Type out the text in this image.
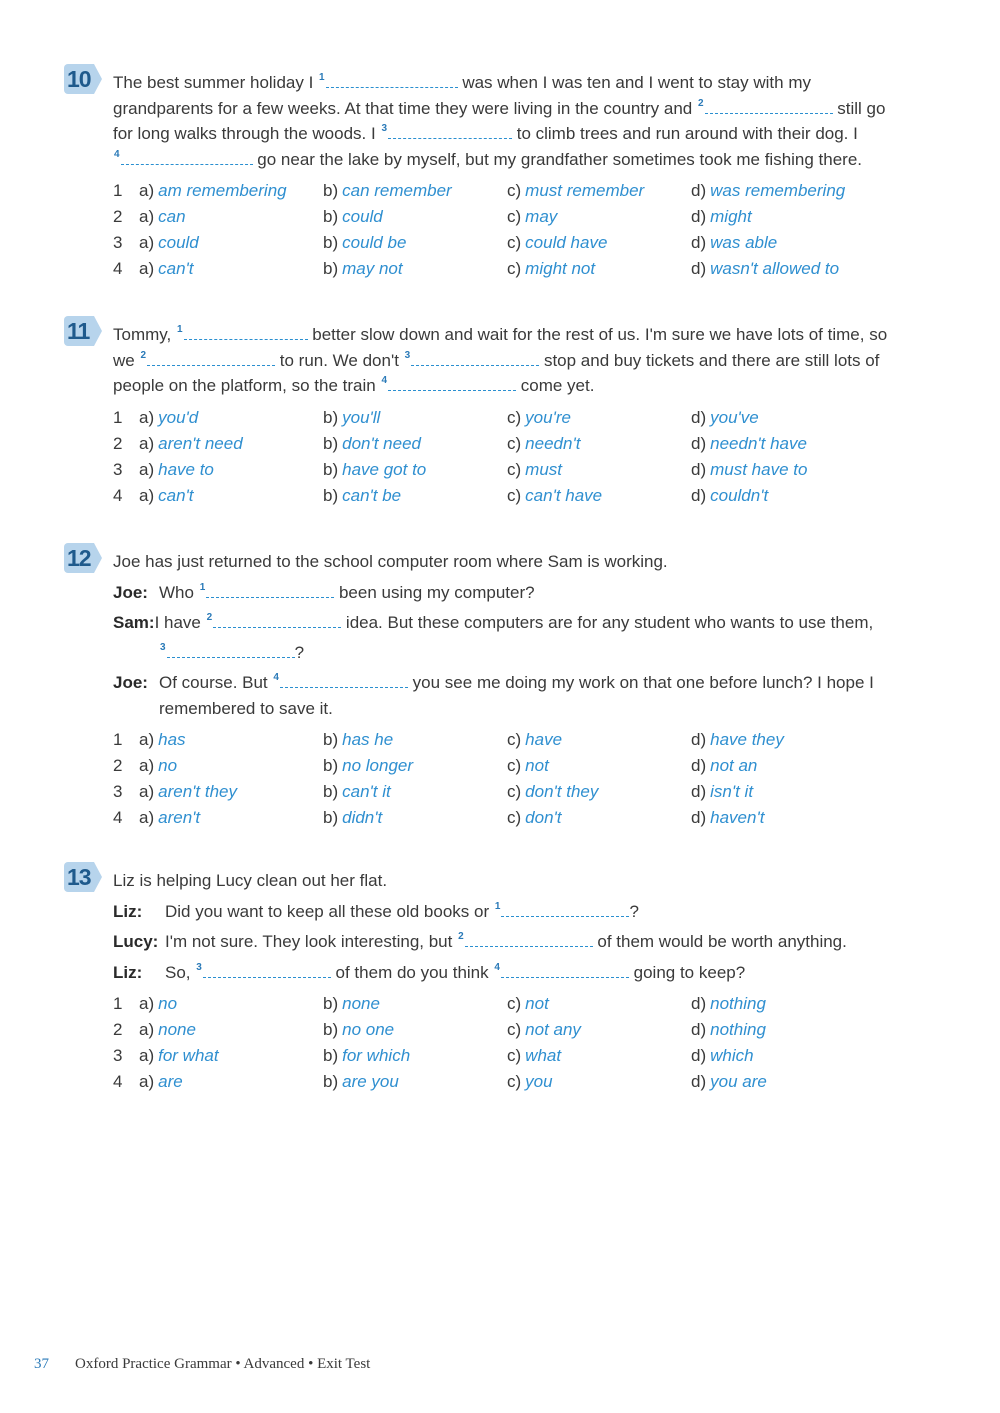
10 The best summer holiday I $^1$	was when I was ten and I went to stay with my

grandparents for a few weeks. At that time they were living in the country and $^2$	still go

for long walks through the woods. I $^3$	to climb trees and run around with their dog. I

$^4$	go near the lake by myself, but my grandfather sometimes took me fishing there.

1 a) am remembering	b) can remember	c) must remember	d) was remembering
2 a) can	b) could	c) may	d) might
3 a) could	b) could be	c) could have	d) was able
4 a) can't	b) may not	c) might not	d) wasn't allowed to
11 Tommy, $^1$	better slow down and wait for the rest of us. I'm sure we have lots of time, so

we $^2$	to run. We don't $^3$	stop and buy tickets and there are still lots of

people on the platform, so the train $^4$	come yet.

1 a) you'd	b) you'll	c) you're	d) you've
2 a) aren't need	b) don't need	c) needn't	d) needn't have
3 a) have to	b) have got to	c) must	d) must have to
4 a) can't	b) can't be	c) can't have	d) couldn't
12 Joe has just returned to the school computer room where Sam is working.

Joe: Who $^1$	been using my computer?
Sam: I have $^2$	idea. But these computers are for any student who wants to use them,
$^3$	?
Joe: Of course. But $^4$	you see me doing my work on that one before lunch? I hope I
remembered to save it.
1 a) has	b) has he	c) have	d) have they
2 a) no	b) no longer	c) not	d) not an
3 a) aren't they	b) can't it	c) don't they	d) isn't it
4 a) aren't	b) didn't	c) don't	d) haven't
13 Liz is helping Lucy clean out her flat.

Liz:	Did you want to keep all these old books or $^1$	?
Lucy: I'm not sure. They look interesting, but $^2$	of them would be worth anything.
Liz:	So, $^3$	of them do you think $^4$	going to keep?
1 a) no	b) none	c) not	d) nothing
2 a) none	b) no one	c) not any	d) nothing
3 a) for what	b) for which	c) what	d) which
4 a) are	b) are you	c) you	d) you are
37 Oxford Practice Grammar • Advanced • Exit Test
